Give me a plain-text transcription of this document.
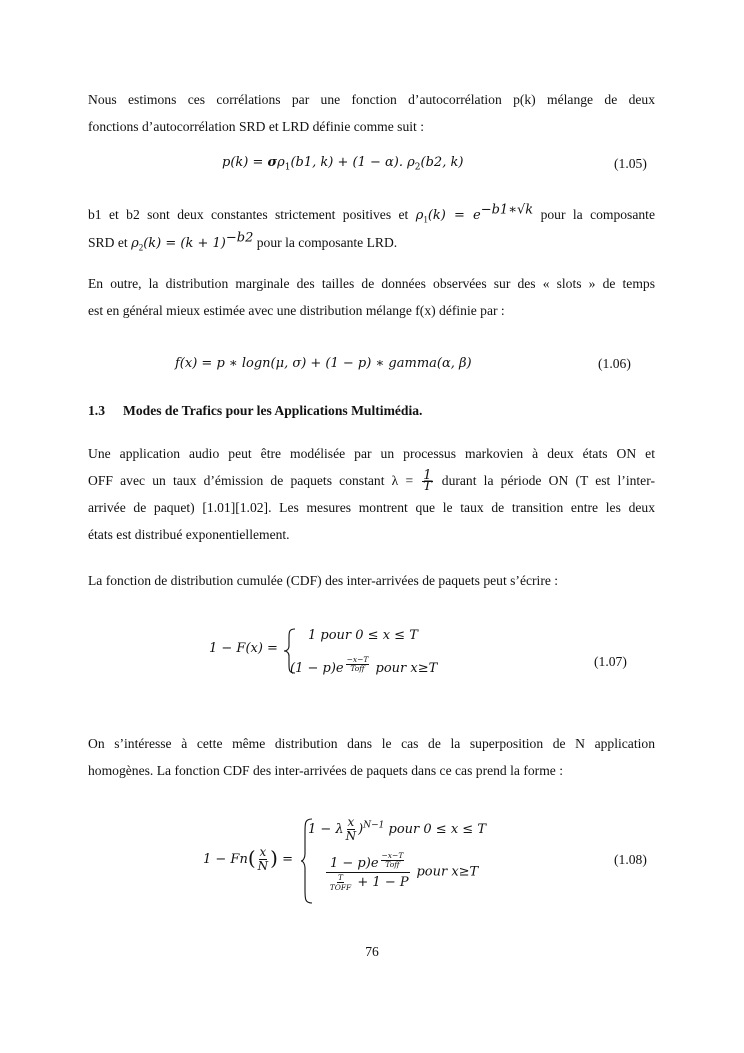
Nous estimons ces corrélations par une fonction d’autocorrélation p(k) mélange de deux
fonctions d’autocorrélation SRD et LRD définie comme suit :

$p(k) = \sigma\rho_1(b1$, k) + (1 − α). $\rho_2(b2$, k)	(1.05)

b1 et b2 sont deux constantes strictement positives et $\rho_1(k) = e^{-b1∗√k}$ pour la composante
SRD et $\rho_2(k) = (k + 1)^{-b2}$ pour la composante LRD.

En outre, la distribution marginale des tailles de données observées sur des « slots » de temps
est en général mieux estimée avec une distribution mélange f(x) définie par :

f(x) = p ∗ logn(μ, σ) + (1 − p) ∗ gamma(α, β)	(1.06)
1.3 Modes de Trafics pour les Applications Multimédia.

Une application audio peut être modélisée par un processus markovien à deux états ON et
OFF avec un taux d’émission de paquets constant $\lambda = \frac{1}{T}$ durant la période ON (T est l’inter-
arrivée de paquet) [1.01][1.02]. Les mesures montrent que le taux de transition entre les deux
états est distribué exponentiellement.

La fonction de distribution cumulée (CDF) des inter-arrivées de paquets peut s’écrire :

1 − F(x) =
1 pour 0 ≤ x ≤ T
$(1 - p)e \frac{-x-T}{\text{Toff}}$ pour x≥T	(1.07)

On s’intéresse à cette même distribution dans le cas de la superposition de N application
homogènes. La fonction CDF des inter-arrivées de paquets dans ce cas prend la forme :

$1 - Fn( \frac{x}{N}$ ) =
1 − λ $\frac{x}{N} )^{N-1}$ pour 0 ≤ x ≤ T
$\frac{1 - p)e \frac{-x-T}{\text{Toff}}}{\frac{T}{\text{TOFF}} + 1 - P}$ pour x≥T
(1.08)
76
